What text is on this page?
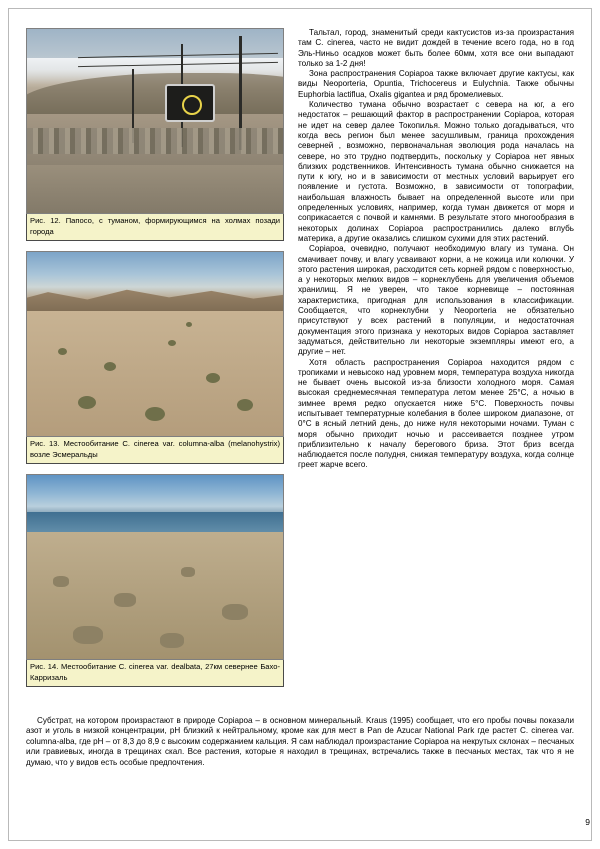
Рис. 12. Папосо, с туманом, формирующимся на холмах позади города
Рис. 13. Местообитание C. cinerea var. columna-alba (melanohystrix) возле Эсмеральды
Рис. 14. Местообитание C. cinerea var. dealbata, 27км севернее Бахо-Карризаль

Тальтал, город, знаменитый среди кактусистов из-за произрастания там C. cinerea, часто не видит дождей в течение всего года, но в год Эль-Ниньо осадков может быть более 60мм, хотя все они выпадают только за 1-2 дня!

Зона распространения Copiapoa также включает другие кактусы, как виды Neoporteria, Opuntia, Trichocereus и Eulychnia. Также обычны Euphorbia lactiflua, Oxalis gigantea и ряд бромелиевых.

Количество тумана обычно возрастает с севера на юг, а его недостаток – решающий фактор в распространении Copiapoa, которая не идет на север далее Токопилья. Можно только догадываться, что когда весь регион был менее засушливым, граница прохождения северней , возможно, первоначальная эволюция рода началась на севере, но это трудно подтвердить, поскольку у Copiapoa нет явных близких родственников. Интенсивность тумана обычно снижается на пути к югу, но и в зависимости от местных условий варьирует его появление и густота. Возможно, в зависимости от топографии, наибольшая влажность бывает на определенной высоте или при определенных условиях, например, когда туман движется от моря и соприкасается с почвой и камнями. В результате этого многообразия в некоторых долинах Copiapoa распространились далеко вглубь материка, а другие оказались слишком сухими для этих растений.

Copiapoa, очевидно, получают необходимую влагу из тумана. Он смачивает почву, и влагу усваивают корни, а не кожица или колючки. У этого растения широкая, расходится сеть корней рядом с поверхностью, а у некоторых мелких видов – корнеклубень для увеличения объемов хранилищ. Я не уверен, что такое корневище – постоянная характеристика, пригодная для использования в классификации. Сообщается, что корнеклубни у Neoporteria не обязательно присутствуют у всех растений в популяции, и недостаточная документация этого признака у некоторых видов Copiapoa заставляет задуматься, действительно ли некоторые экземпляры имеют его, а другие – нет.

Хотя область распространения Copiapoa находится рядом с тропиками и невысоко над уровнем моря, температура воздуха никогда не бывает очень высокой из-за близости холодного моря. Самая высокая среднемесячная температура летом менее 25°C, а ночью в зимнее время редко опускается ниже 5°C. Поверхность почвы испытывает температурные колебания в более широком диапазоне, от 0°C в ясный летний день, до ниже нуля некоторыми ночами. Туман с моря обычно приходит ночью и рассеивается позднее утром приблизительно к началу берегового бриза. Этот бриз всегда наблюдается после полудня, снижая температуру воздуха, когда солнце греет жарче всего.

Субстрат, на котором произрастают в природе Copiapoa – в основном минеральный. Kraus (1995) сообщает, что его пробы почвы показали азот и уголь в низкой концентрации, рН близкий к нейтральному, кроме как для мест в Pan de Azucar National Park где растет C. cinerea var. columna-alba, где рН – от 8,3 до 8,9 с высоким содержанием кальция. Я сам наблюдал произрастание Copiapoa на некрутых склонах – песчаных или гравиевых, иногда в трещинах скал. Все растения, которые я находил в трещинах, встречались также в песчаных местах, так что я не думаю, что у видов есть особые предпочтения.

9
